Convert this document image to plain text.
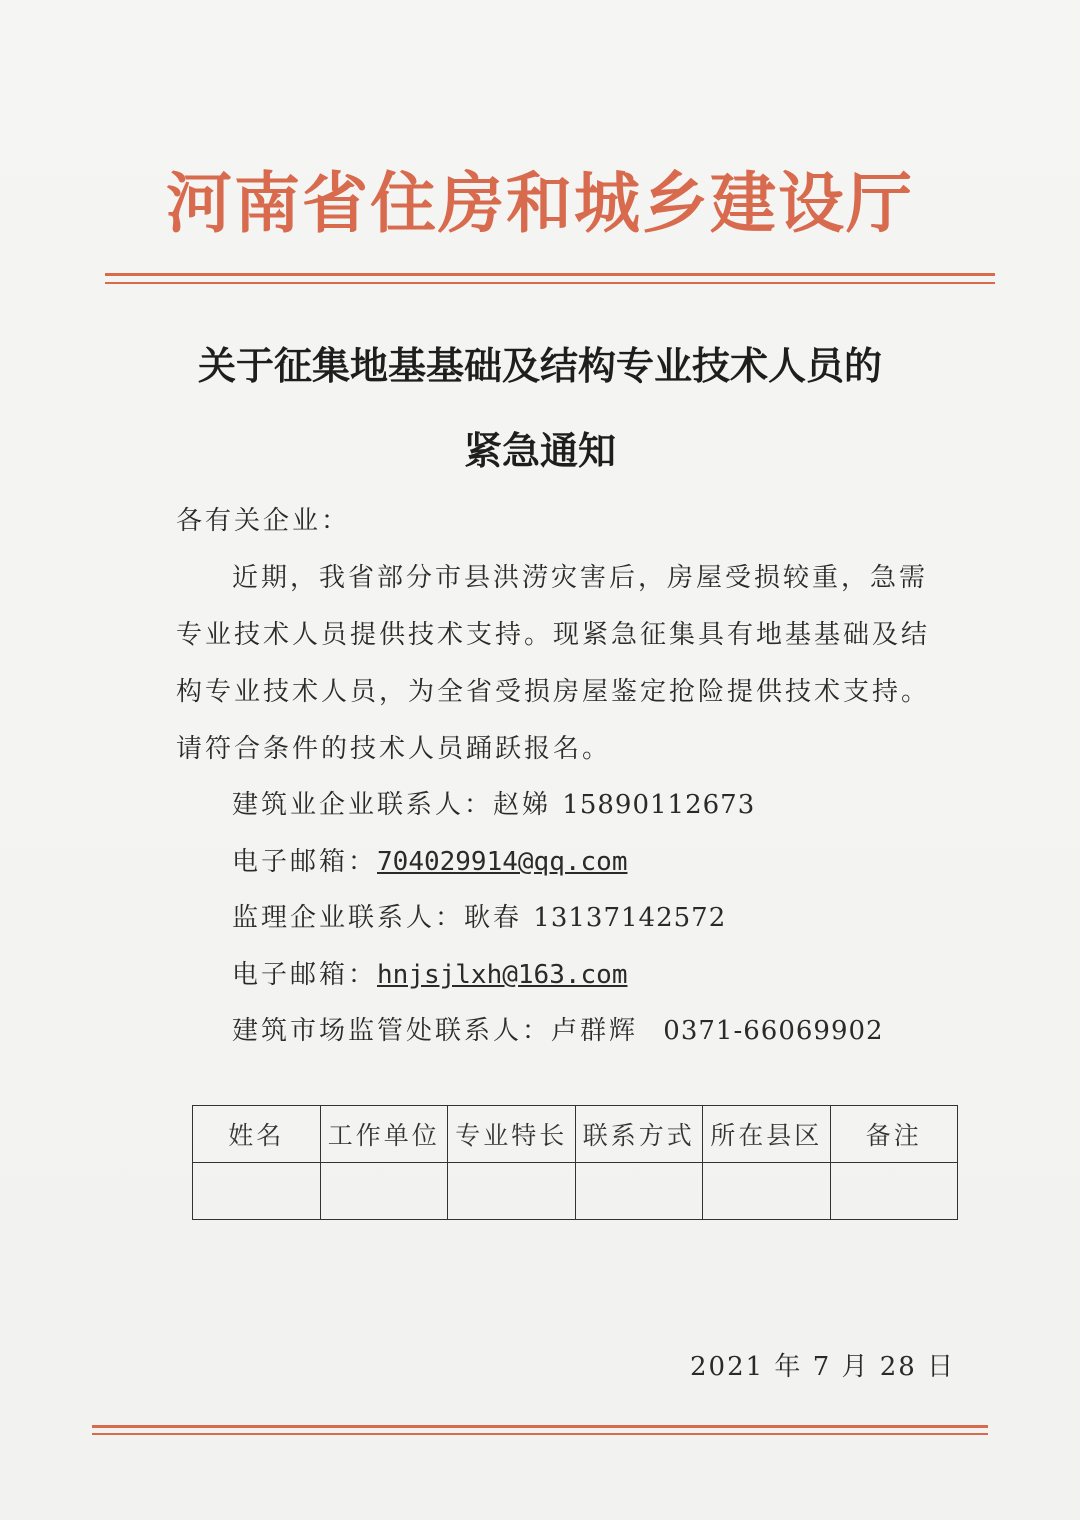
河南省住房和城乡建设厅
关于征集地基基础及结构专业技术人员的
紧急通知
各有关企业：
近期，我省部分市县洪涝灾害后，房屋受损较重，急需
专业技术人员提供技术支持。现紧急征集具有地基基础及结
构专业技术人员，为全省受损房屋鉴定抢险提供技术支持。
请符合条件的技术人员踊跃报名。
建筑业企业联系人：赵娣 15890112673
电子邮箱：704029914@qq.com
监理企业联系人：耿春 13137142572
电子邮箱：hnjsjlxh@163.com
建筑市场监管处联系人：卢群辉 0371-66069902
姓名	工作单位	专业特长	联系方式	所在县区	备注

2021 年 7 月 28 日
